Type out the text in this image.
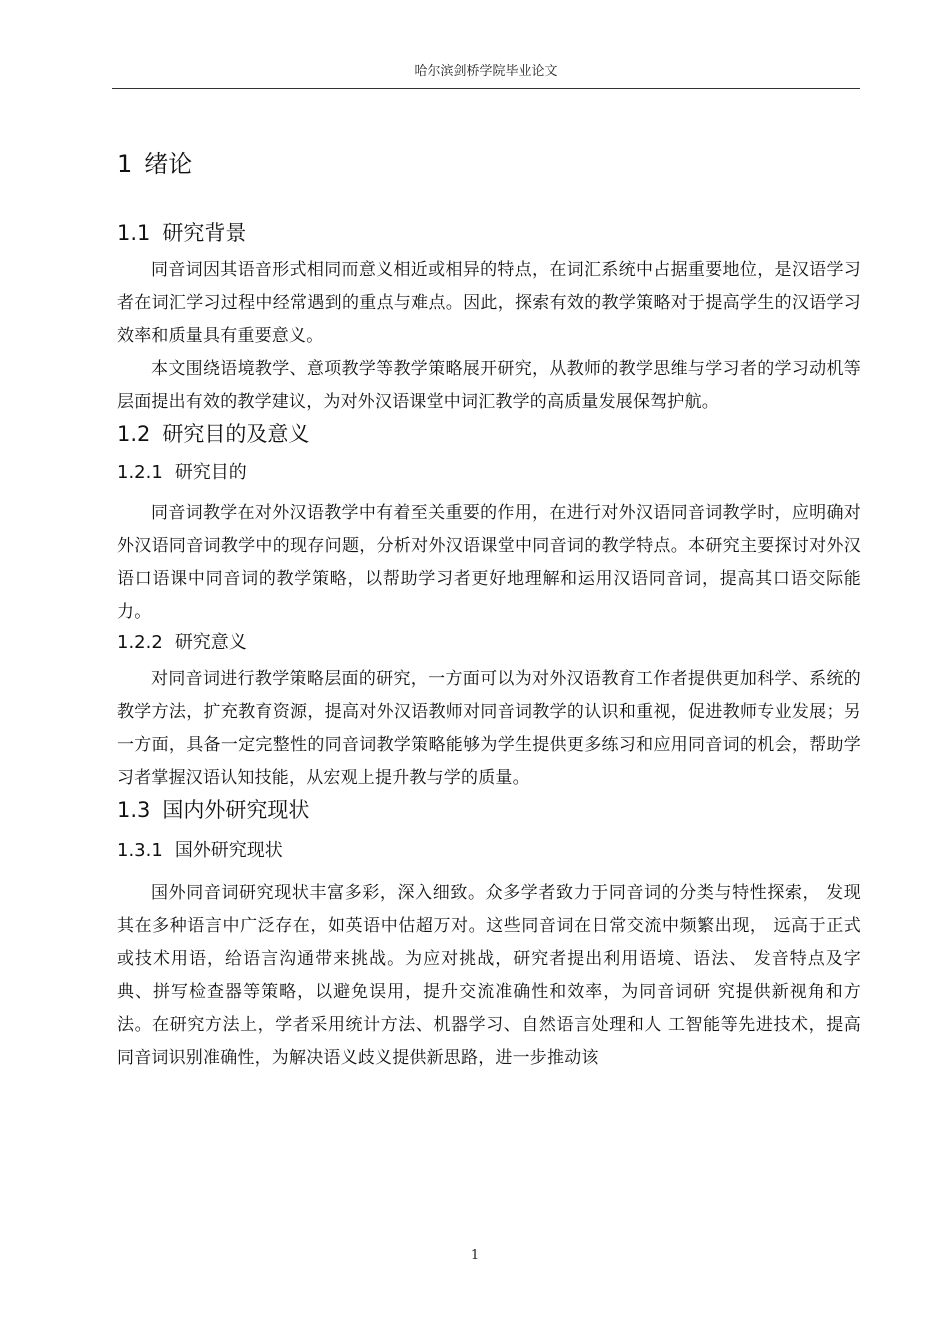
哈尔滨剑桥学院毕业论文
1 绪论
1.1 研究背景

同音词因其语音形式相同而意义相近或相异的特点，在词汇系统中占据重要地位，是汉语学习者在词汇学习过程中经常遇到的重点与难点。因此，探索有效的教学策略对于提高学生的汉语学习效率和质量具有重要意义。

本文围绕语境教学、意项教学等教学策略展开研究，从教师的教学思维与学习者的学习动机等层面提出有效的教学建议，为对外汉语课堂中词汇教学的高质量发展保驾护航。

1.2 研究目的及意义
1.2.1 研究目的

同音词教学在对外汉语教学中有着至关重要的作用，在进行对外汉语同音词教学时，应明确对外汉语同音词教学中的现存问题，分析对外汉语课堂中同音词的教学特点。本研究主要探讨对外汉语口语课中同音词的教学策略，以帮助学习者更好地理解和运用汉语同音词，提高其口语交际能力。

1.2.2 研究意义

对同音词进行教学策略层面的研究，一方面可以为对外汉语教育工作者提供更加科学、系统的教学方法，扩充教育资源，提高对外汉语教师对同音词教学的认识和重视，促进教师专业发展；另一方面，具备一定完整性的同音词教学策略能够为学生提供更多练习和应用同音词的机会，帮助学习者掌握汉语认知技能，从宏观上提升教与学的质量。

1.3 国内外研究现状
1.3.1 国外研究现状

国外同音词研究现状丰富多彩，深入细致。众多学者致力于同音词的分类与特性探索， 发现其在多种语言中广泛存在，如英语中估超万对。这些同音词在日常交流中频繁出现， 远高于正式或技术用语，给语言沟通带来挑战。为应对挑战，研究者提出利用语境、语法、 发音特点及字典、拼写检查器等策略，以避免误用，提升交流准确性和效率，为同音词研 究提供新视角和方法。在研究方法上，学者采用统计方法、机器学习、自然语言处理和人 工智能等先进技术，提高同音词识别准确性，为解决语义歧义提供新思路，进一步推动该

1
